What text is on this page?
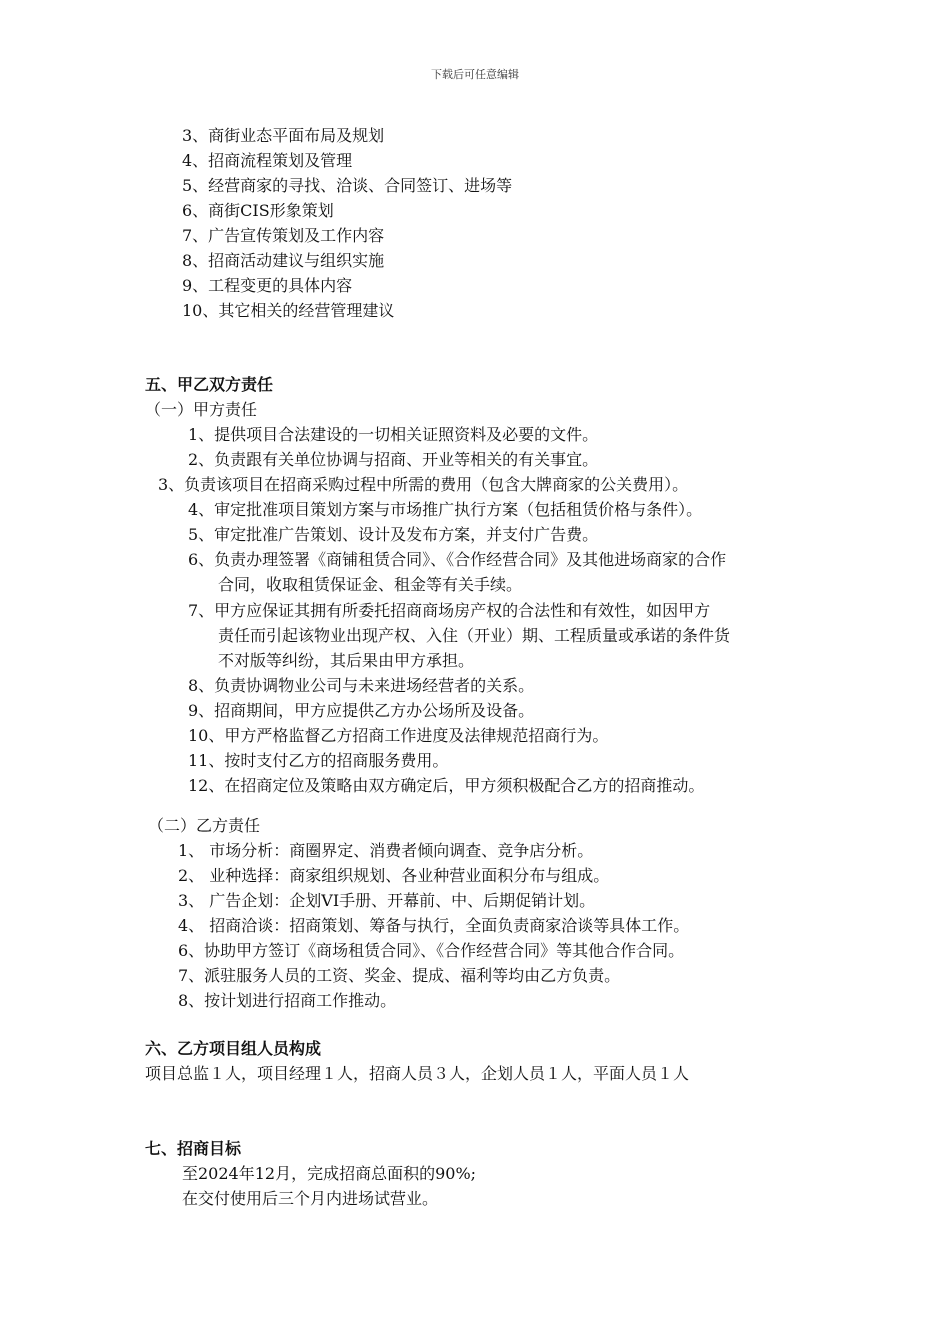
下载后可任意编辑
3、商街业态平面布局及规划
4、招商流程策划及管理
5、经营商家的寻找、洽谈、合同签订、进场等
6、商街CIS形象策划
7、广告宣传策划及工作内容
8、招商活动建议与组织实施
9、工程变更的具体内容
10、其它相关的经营管理建议
五、甲乙双方责任
（一）甲方责任
1、提供项目合法建设的一切相关证照资料及必要的文件。
2、负责跟有关单位协调与招商、开业等相关的有关事宜。
3、负责该项目在招商采购过程中所需的费用（包含大牌商家的公关费用）。
4、审定批准项目策划方案与市场推广执行方案（包括租赁价格与条件）。
5、审定批准广告策划、设计及发布方案，并支付广告费。
6、负责办理签署《商铺租赁合同》、《合作经营合同》及其他进场商家的合作
合同，收取租赁保证金、租金等有关手续。
7、甲方应保证其拥有所委托招商商场房产权的合法性和有效性，如因甲方
责任而引起该物业出现产权、入住（开业）期、工程质量或承诺的条件货
不对版等纠纷，其后果由甲方承担。
8、负责协调物业公司与未来进场经营者的关系。
9、招商期间，甲方应提供乙方办公场所及设备。
10、甲方严格监督乙方招商工作进度及法律规范招商行为。
11、按时支付乙方的招商服务费用。
12、在招商定位及策略由双方确定后，甲方须积极配合乙方的招商推动。
（二）乙方责任
1、 市场分析：商圈界定、消费者倾向调查、竞争店分析。
2、 业种选择：商家组织规划、各业种营业面积分布与组成。
3、 广告企划：企划VI手册、开幕前、中、后期促销计划。
4、 招商洽谈：招商策划、筹备与执行，全面负责商家洽谈等具体工作。
6、协助甲方签订《商场租赁合同》、《合作经营合同》等其他合作合同。
7、派驻服务人员的工资、奖金、提成、福利等均由乙方负责。
8、按计划进行招商工作推动。
六、乙方项目组人员构成
项目总监１人，项目经理１人，招商人员３人，企划人员１人，平面人员１人
七、招商目标
至2024年12月，完成招商总面积的90%;
在交付使用后三个月内进场试营业。
